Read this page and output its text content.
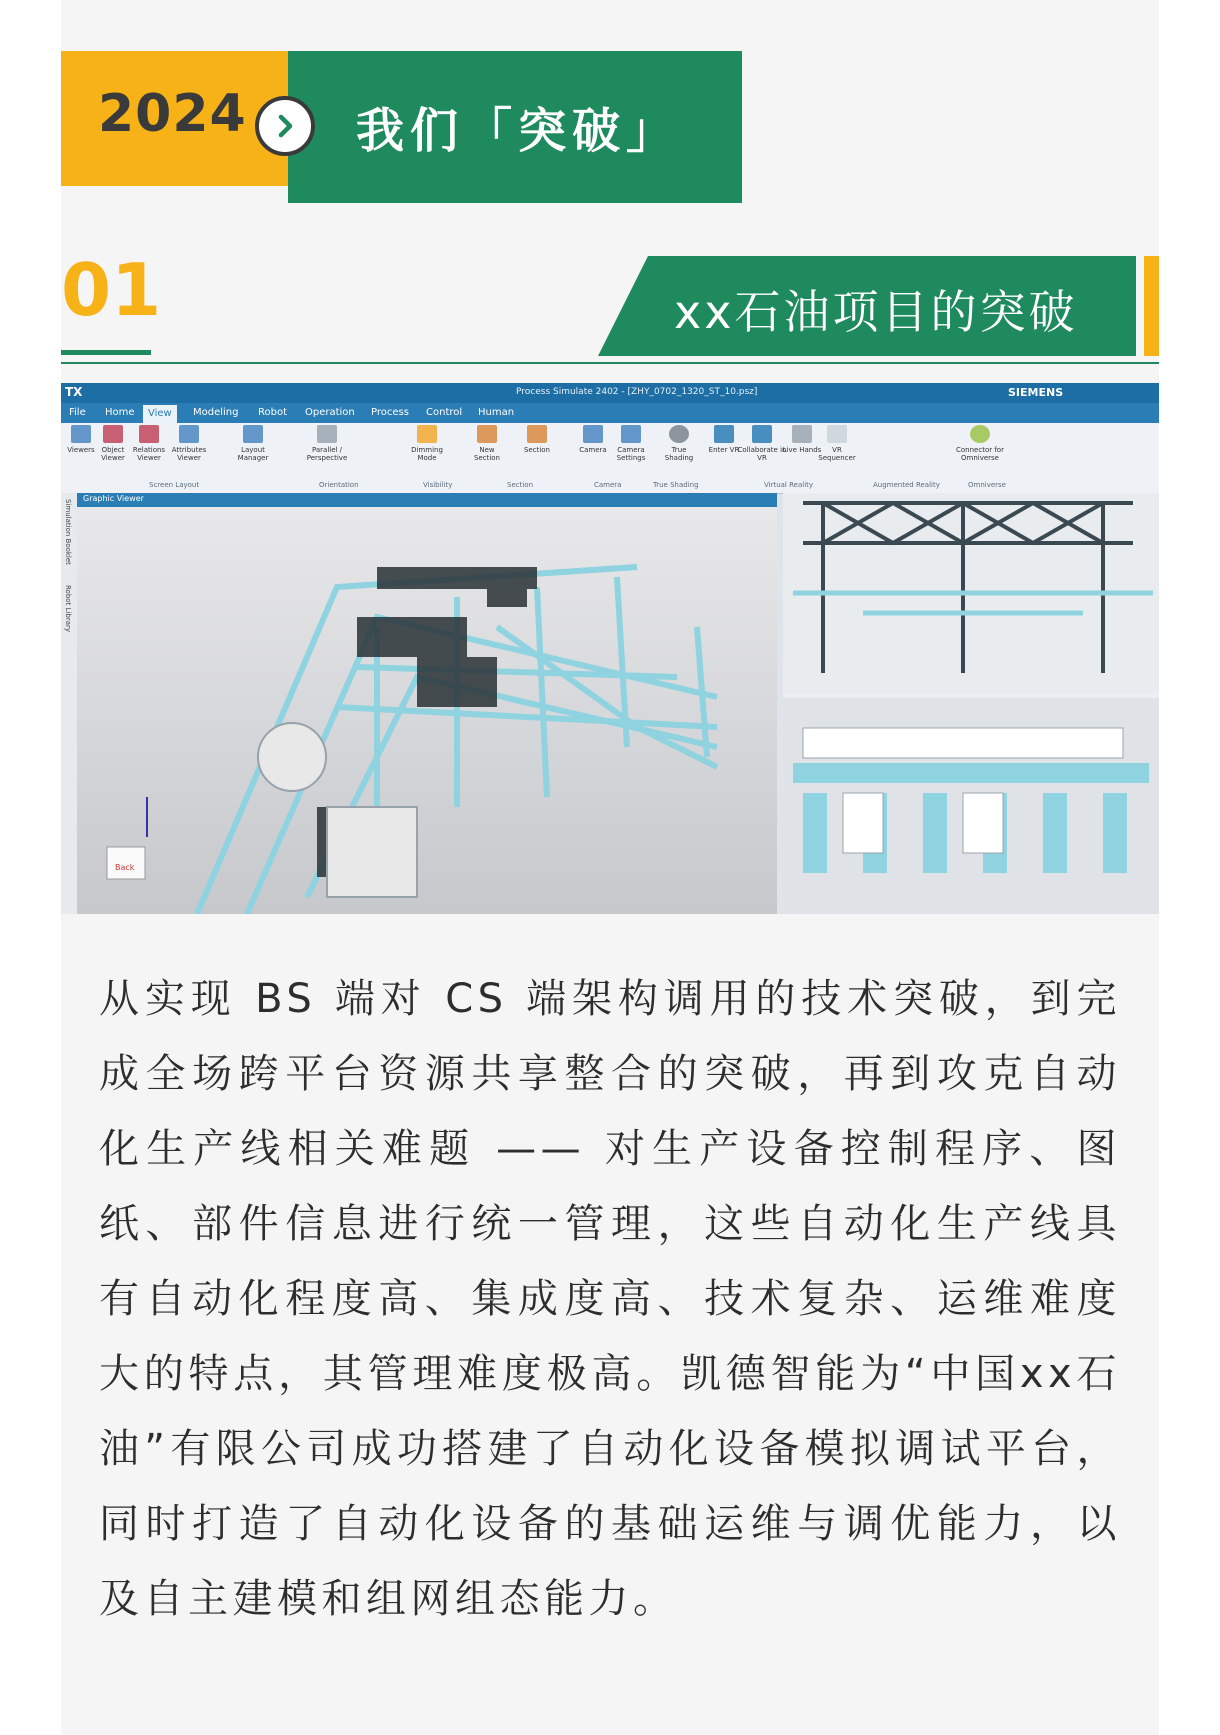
2024 我们「突破」
01	xx石油项目的突破
TX	Process Simulate 2402 - [ZHY_0702_1320_ST_10.psz]	SIEMENS
File Home	View	Modeling Robot Operation Process Control Human
Viewers Object Viewer
Relations Viewer
Attributes Viewer
Layout Manager
Parallel / Perspective
Dimming Mode
New Section
Section	Camera	Camera Settings
True Shading
Enter VR
Collaborate in VR
Live Hands	VR Sequencer
Connector for Omniverse
Screen Layout	Orientation	Visibility	Section	Camera	True Shading	Virtual Reality	Augmented Reality	Omniverse
Simulation Booklet
Robot Library
Graphic Viewer
Back
从实现 BS 端对 CS 端架构调用的技术突破，到完成全场跨平台资源共享整合的突破，再到攻克自动化生产线相关难题 —— 对生产设备控制程序、图纸、部件信息进行统一管理，这些自动化生产线具有自动化程度高、集成度高、技术复杂、运维难度大的特点，其管理难度极高。凯德智能为“中国xx石油”有限公司成功搭建了自动化设备模拟调试平台，同时打造了自动化设备的基础运维与调优能力，以及自主建模和组网组态能力。
